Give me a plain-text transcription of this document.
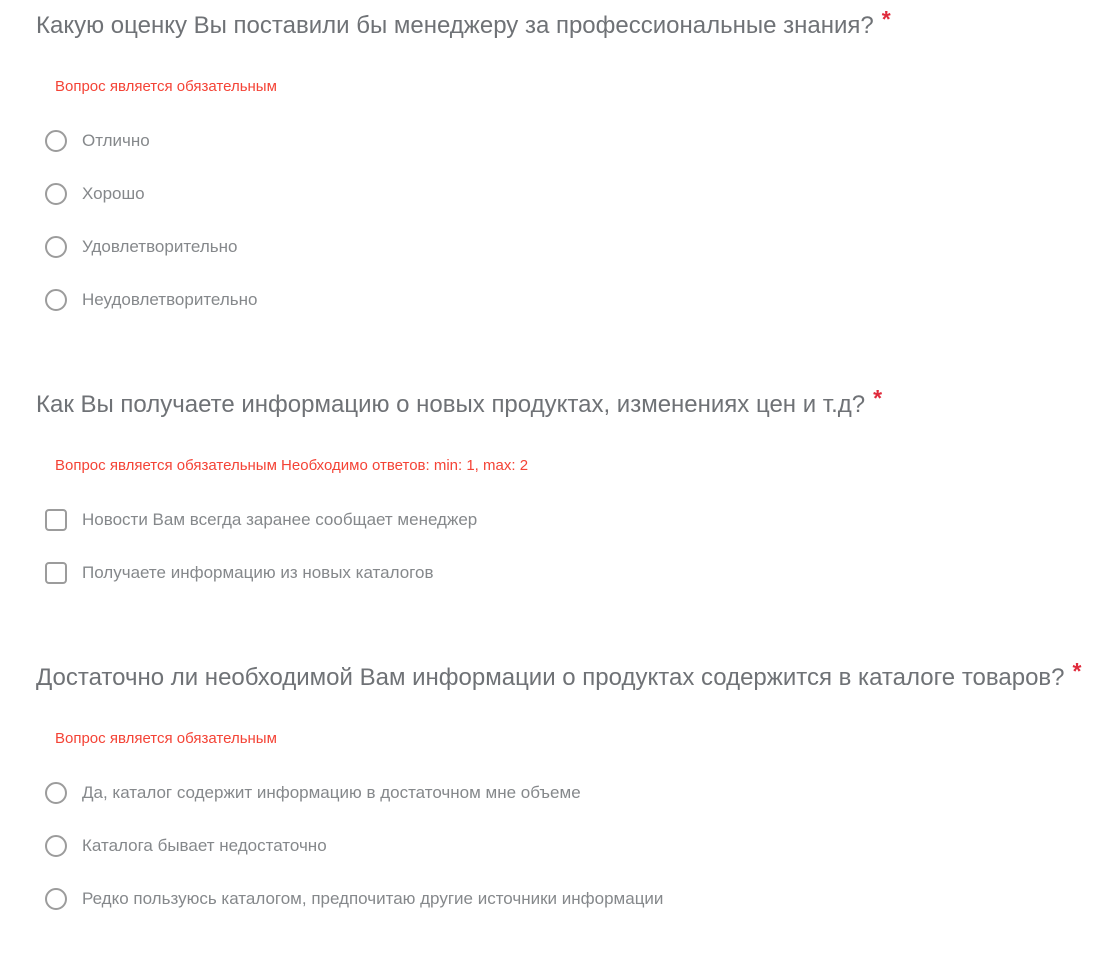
Какую оценку Вы поставили бы менеджеру за профессиональные знания? *
Вопрос является обязательным
Отлично
Хорошо
Удовлетворительно
Неудовлетворительно
Как Вы получаете информацию о новых продуктах, изменениях цен и т.д? *
Вопрос является обязательным Необходимо ответов: min: 1, max: 2
Новости Вам всегда заранее сообщает менеджер
Получаете информацию из новых каталогов
Достаточно ли необходимой Вам информации о продуктах содержится в каталоге товаров? *
Вопрос является обязательным
Да, каталог содержит информацию в достаточном мне объеме
Каталога бывает недостаточно
Редко пользуюсь каталогом, предпочитаю другие источники информации
